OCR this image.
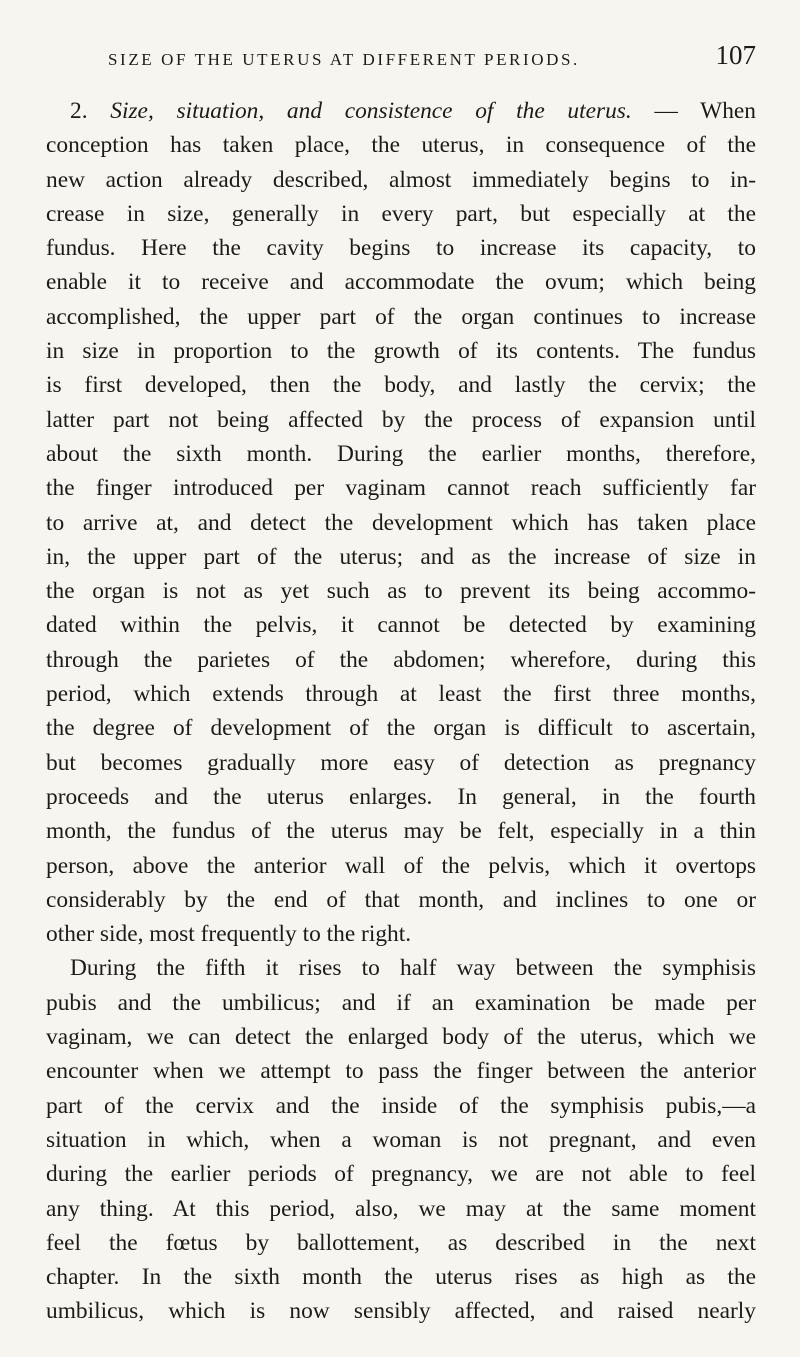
SIZE OF THE UTERUS AT DIFFERENT PERIODS.	107
2. Size, situation, and consistence of the uterus. — When
conception has taken place, the uterus, in consequence of the
new action already described, almost immediately begins to in-
crease in size, generally in every part, but especially at the
fundus. Here the cavity begins to increase its capacity, to
enable it to receive and accommodate the ovum; which being
accomplished, the upper part of the organ continues to increase
in size in proportion to the growth of its contents. The fundus
is first developed, then the body, and lastly the cervix; the
latter part not being affected by the process of expansion until
about the sixth month. During the earlier months, therefore,
the finger introduced per vaginam cannot reach sufficiently far
to arrive at, and detect the development which has taken place
in, the upper part of the uterus; and as the increase of size in
the organ is not as yet such as to prevent its being accommo-
dated within the pelvis, it cannot be detected by examining
through the parietes of the abdomen; wherefore, during this
period, which extends through at least the first three months,
the degree of development of the organ is difficult to ascertain,
but becomes gradually more easy of detection as pregnancy
proceeds and the uterus enlarges. In general, in the fourth
month, the fundus of the uterus may be felt, especially in a thin
person, above the anterior wall of the pelvis, which it overtops
considerably by the end of that month, and inclines to one or
other side, most frequently to the right.
During the fifth it rises to half way between the symphisis
pubis and the umbilicus; and if an examination be made per
vaginam, we can detect the enlarged body of the uterus, which we
encounter when we attempt to pass the finger between the anterior
part of the cervix and the inside of the symphisis pubis,—a
situation in which, when a woman is not pregnant, and even
during the earlier periods of pregnancy, we are not able to feel
any thing. At this period, also, we may at the same moment
feel the fœtus by ballottement, as described in the next
chapter. In the sixth month the uterus rises as high as the
umbilicus, which is now sensibly affected, and raised nearly
